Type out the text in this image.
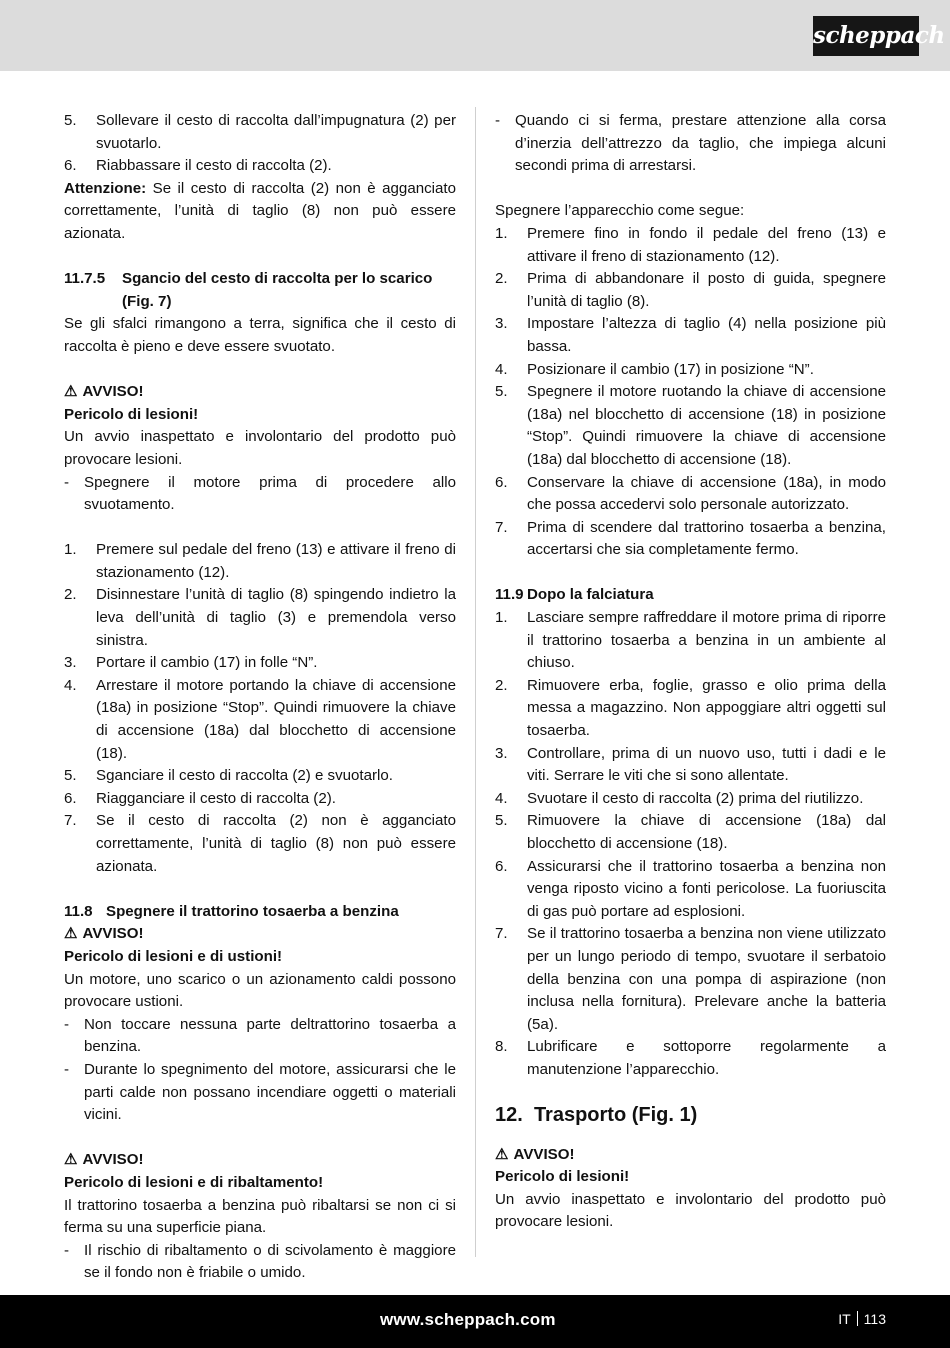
scheppach
5.	Sollevare il cesto di raccolta dall’impugnatura (2) per svuotarlo.
6.	Riabbassare il cesto di raccolta (2).

Attenzione: Se il cesto di raccolta (2) non è agganciato correttamente, l’unità di taglio (8) non può essere azionata.

11.7.5	Sgancio del cesto di raccolta per lo scarico (Fig. 7)

Se gli sfalci rimangono a terra, significa che il cesto di raccolta è pieno e deve essere svuotato.

⚠ AVVISO!
Pericolo di lesioni!

Un avvio inaspettato e involontario del prodotto può provocare lesioni.

- Spegnere il motore prima di procedere allo svuotamento.
1.	Premere sul pedale del freno (13) e attivare il freno di stazionamento (12).
2.	Disinnestare l’unità di taglio (8) spingendo indietro la leva dell’unità di taglio (3) e premendola verso sinistra.
3.	Portare il cambio (17) in folle “N”.
4.	Arrestare il motore portando la chiave di accensione (18a) in posizione “Stop”. Quindi rimuovere la chiave di accensione (18a) dal blocchetto di accensione (18).
5.	Sganciare il cesto di raccolta (2) e svuotarlo.
6.	Riagganciare il cesto di raccolta (2).
7.	Se il cesto di raccolta (2) non è agganciato correttamente, l’unità di taglio (8) non può essere azionata.
11.8 Spegnere il trattorino tosaerba a benzina
⚠ AVVISO!
Pericolo di lesioni e di ustioni!

Un motore, uno scarico o un azionamento caldi possono provocare ustioni.

- Non toccare nessuna parte deltrattorino tosaerba a benzina.
- Durante lo spegnimento del motore, assicurarsi che le parti calde non possano incendiare oggetti o materiali vicini.
⚠ AVVISO!
Pericolo di lesioni e di ribaltamento!

Il trattorino tosaerba a benzina può ribaltarsi se non ci si ferma su una superficie piana.

- Il rischio di ribaltamento o di scivolamento è maggiore se il fondo non è friabile o umido.
- Quando ci si ferma, prestare attenzione alla corsa d’inerzia dell’attrezzo da taglio, che impiega alcuni secondi prima di arrestarsi.

Spegnere l’apparecchio come segue:

1.	Premere fino in fondo il pedale del freno (13) e attivare il freno di stazionamento (12).
2.	Prima di abbandonare il posto di guida, spegnere l’unità di taglio (8).
3.	Impostare l’altezza di taglio (4) nella posizione più bassa.
4.	Posizionare il cambio (17) in posizione “N”.
5.	Spegnere il motore ruotando la chiave di accensione (18a) nel blocchetto di accensione (18) in posizione “Stop”. Quindi rimuovere la chiave di accensione (18a) dal blocchetto di accensione (18).
6.	Conservare la chiave di accensione (18a), in modo che possa accedervi solo personale autorizzato.
7.	Prima di scendere dal trattorino tosaerba a benzina, accertarsi che sia completamente fermo.
11.9 Dopo la falciatura
1.	Lasciare sempre raffreddare il motore prima di riporre il trattorino tosaerba a benzina in un ambiente al chiuso.
2.	Rimuovere erba, foglie, grasso e olio prima della messa a magazzino. Non appoggiare altri oggetti sul tosaerba.
3.	Controllare, prima di un nuovo uso, tutti i dadi e le viti. Serrare le viti che si sono allentate.
4.	Svuotare il cesto di raccolta (2) prima del riutilizzo.
5.	Rimuovere la chiave di accensione (18a) dal blocchetto di accensione (18).
6.	Assicurarsi che il trattorino tosaerba a benzina non venga riposto vicino a fonti pericolose. La fuoriuscita di gas può portare ad esplosioni.
7.	Se il trattorino tosaerba a benzina non viene utilizzato per un lungo periodo di tempo, svuotare il serbatoio della benzina con una pompa di aspirazione (non inclusa nella fornitura). Prelevare anche la batteria (5a).
8.	Lubrificare e sottoporre regolarmente a manutenzione l’apparecchio.
12. Trasporto (Fig. 1)
⚠ AVVISO!
Pericolo di lesioni!

Un avvio inaspettato e involontario del prodotto può provocare lesioni.

www.scheppach.com	IT 113
